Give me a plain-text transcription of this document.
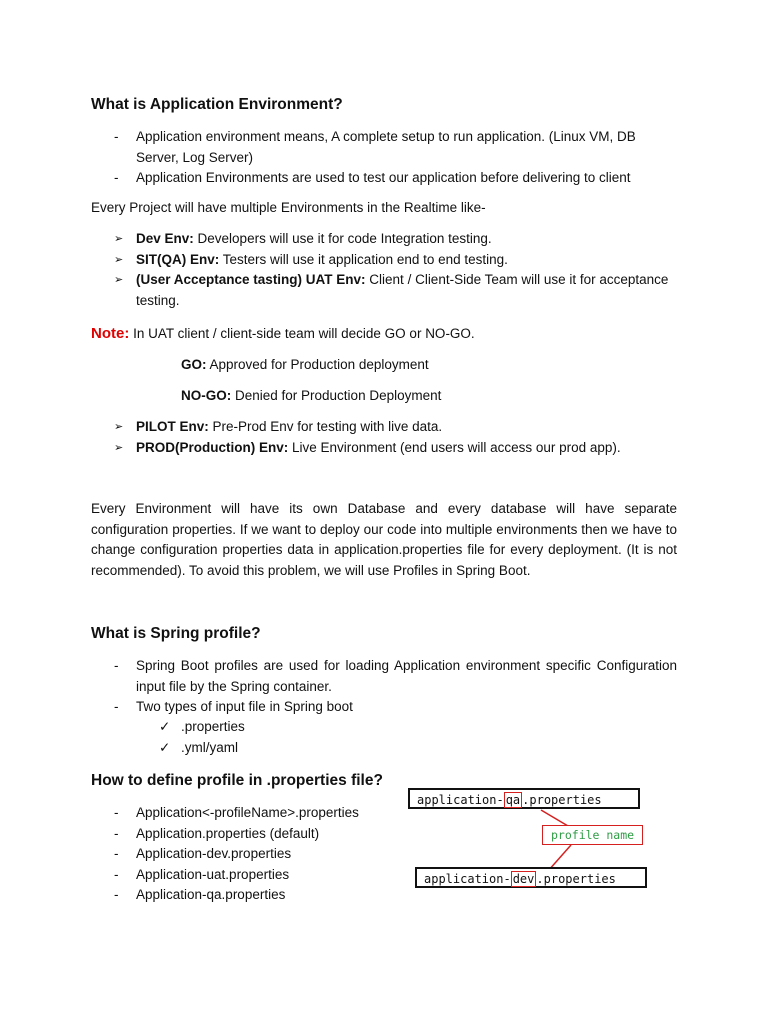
What is Application Environment?
- Application environment means, A complete setup to run application. (Linux VM, DB Server, Log Server)
- Application Environments are used to test our application before delivering to client

Every Project will have multiple Environments in the Realtime like-

➢ Dev Env: Developers will use it for code Integration testing.
➢ SIT(QA) Env: Testers will use it application end to end testing.
➢ (User Acceptance tasting) UAT Env: Client / Client-Side Team will use it for acceptance testing.

Note: In UAT client / client-side team will decide GO or NO-GO.

GO: Approved for Production deployment

NO-GO: Denied for Production Deployment

➢ PILOT Env: Pre-Prod Env for testing with live data.
➢ PROD(Production) Env: Live Environment (end users will access our prod app).

Every Environment will have its own Database and every database will have separate configuration properties. If we want to deploy our code into multiple environments then we have to change configuration properties data in application.properties file for every deployment. (It is not recommended). To avoid this problem, we will use Profiles in Spring Boot.

What is Spring profile?
- Spring Boot profiles are used for loading Application environment specific Configuration input file by the Spring container.
- Two types of input file in Spring boot
✓ .properties
✓ .yml/yaml
How to define profile in .properties file?
- Application<-profileName>.properties
- Application.properties (default)
- Application-dev.properties
- Application-uat.properties
- Application-qa.properties
application- qa .properties
profile name
application- dev .properties
